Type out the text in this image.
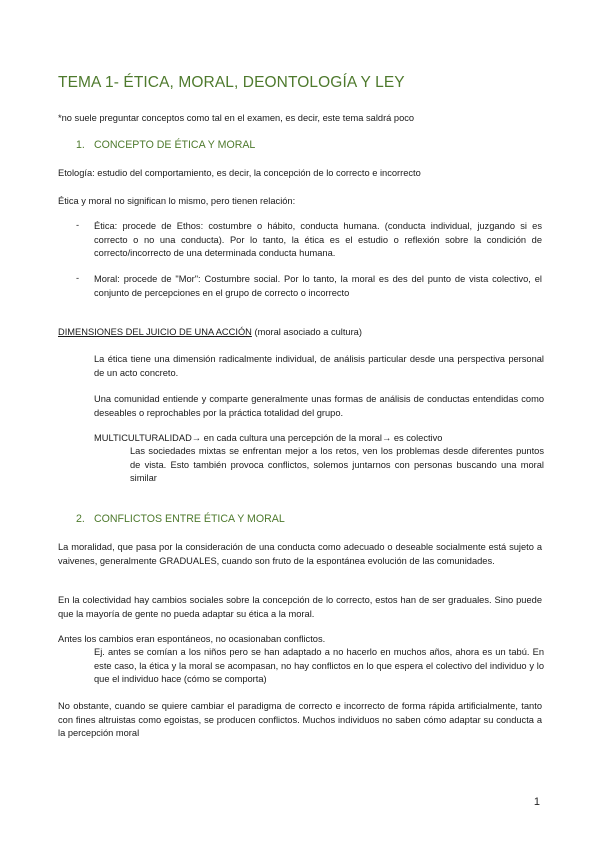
TEMA 1- ÉTICA, MORAL, DEONTOLOGÍA Y LEY

*no suele preguntar conceptos como tal en el examen, es decir, este tema saldrá poco

1. CONCEPTO DE ÉTICA Y MORAL

Etología: estudio del comportamiento, es decir, la concepción de lo correcto e incorrecto

Ética y moral no significan lo mismo, pero tienen relación:

- Ética: procede de Ethos: costumbre o hábito, conducta humana. (conducta individual, juzgando si es correcto o no una conducta). Por lo tanto, la ética es el estudio o reflexión sobre la condición de correcto/incorrecto de una determinada conducta humana.

- Moral: procede de "Mor": Costumbre social. Por lo tanto, la moral es des del punto de vista colectivo, el conjunto de percepciones en el grupo de correcto o incorrecto

DIMENSIONES DEL JUICIO DE UNA ACCIÓN (moral asociado a cultura)

La ética tiene una dimensión radicalmente individual, de análisis particular desde una perspectiva personal de un acto concreto.

Una comunidad entiende y comparte generalmente unas formas de análisis de conductas entendidas como deseables o reprochables por la práctica totalidad del grupo.

MULTICULTURALIDAD→ en cada cultura una percepción de la moral→ es colectivo

Las sociedades mixtas se enfrentan mejor a los retos, ven los problemas desde diferentes puntos de vista. Esto también provoca conflictos, solemos juntarnos con personas buscando una moral similar

2. CONFLICTOS ENTRE ÉTICA Y MORAL

La moralidad, que pasa por la consideración de una conducta como adecuado o deseable socialmente está sujeto a vaivenes, generalmente GRADUALES, cuando son fruto de la espontánea evolución de las comunidades.

En la colectividad hay cambios sociales sobre la concepción de lo correcto, estos han de ser graduales. Sino puede que la mayoría de gente no pueda adaptar su ética a la moral.

Antes los cambios eran espontáneos, no ocasionaban conflictos.

Ej. antes se comían a los niños pero se han adaptado a no hacerlo en muchos años, ahora es un tabú. En este caso, la ética y la moral se acompasan, no hay conflictos en lo que espera el colectivo del individuo y lo que el individuo hace (cómo se comporta)

No obstante, cuando se quiere cambiar el paradigma de correcto e incorrecto de forma rápida artificialmente, tanto con fines altruistas como egoistas, se producen conflictos. Muchos individuos no saben cómo adaptar su conducta a la percepción moral

1
